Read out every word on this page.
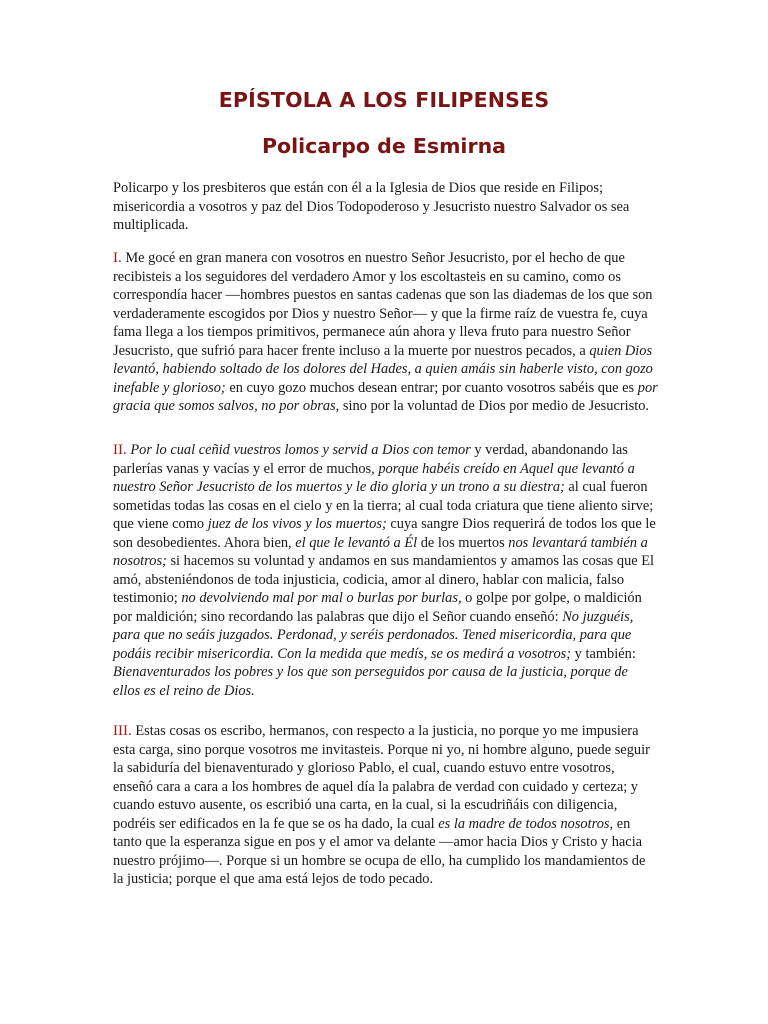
EPÍSTOLA A LOS FILIPENSES
Policarpo de Esmirna

Policarpo y los presbiteros que están con él a la Iglesia de Dios que reside en Filipos; misericordia a vosotros y paz del Dios Todopoderoso y Jesucristo nuestro Salvador os sea multiplicada.

I. Me gocé en gran manera con vosotros en nuestro Señor Jesucristo, por el hecho de que recibisteis a los seguidores del verdadero Amor y los escoltasteis en su camino, como os correspondía hacer —hombres puestos en santas cadenas que son las diademas de los que son verdaderamente escogidos por Dios y nuestro Señor— y que la firme raíz de vuestra fe, cuya fama llega a los tiempos primitivos, permanece aún ahora y lleva fruto para nuestro Señor Jesucristo, que sufrió para hacer frente incluso a la muerte por nuestros pecados, a quien Dios levantó, habiendo soltado de los dolores del Hades, a quien amáis sin haberle visto, con gozo inefable y glorioso; en cuyo gozo muchos desean entrar; por cuanto vosotros sabéis que es por gracia que somos salvos, no por obras, sino por la voluntad de Dios por medio de Jesucristo.

II. Por lo cual ceñid vuestros lomos y servid a Dios con temor y verdad, abandonando las parlerías vanas y vacías y el error de muchos, porque habéis creído en Aquel que levantó a nuestro Señor Jesucristo de los muertos y le dio gloria y un trono a su diestra; al cual fueron sometidas todas las cosas en el cielo y en la tierra; al cual toda criatura que tiene aliento sirve; que viene como juez de los vivos y los muertos; cuya sangre Dios requerirá de todos los que le son desobedientes. Ahora bien, el que le levantó a Él de los muertos nos levantará también a nosotros; si hacemos su voluntad y andamos en sus mandamientos y amamos las cosas que El amó, absteniéndonos de toda injusticia, codicia, amor al dinero, hablar con malicia, falso testimonio; no devolviendo mal por mal o burlas por burlas, o golpe por golpe, o maldición por maldición; sino recordando las palabras que dijo el Señor cuando enseñó: No juzguéis, para que no seáis juzgados. Perdonad, y seréis perdonados. Tened misericordia, para que podáis recibir misericordia. Con la medida que medís, se os medirá a vosotros; y también: Bienaventurados los pobres y los que son perseguidos por causa de la justicia, porque de ellos es el reino de Dios.

III. Estas cosas os escribo, hermanos, con respecto a la justicia, no porque yo me impusiera esta carga, sino porque vosotros me invitasteis. Porque ni yo, ni hombre alguno, puede seguir la sabiduría del bienaventurado y glorioso Pablo, el cual, cuando estuvo entre vosotros, enseñó cara a cara a los hombres de aquel día la palabra de verdad con cuidado y certeza; y cuando estuvo ausente, os escribió una carta, en la cual, si la escudriñáis con diligencia, podréis ser edificados en la fe que se os ha dado, la cual es la madre de todos nosotros, en tanto que la esperanza sigue en pos y el amor va delante —amor hacia Dios y Cristo y hacia nuestro prójimo—. Porque si un hombre se ocupa de ello, ha cumplido los mandamientos de la justicia; porque el que ama está lejos de todo pecado.
